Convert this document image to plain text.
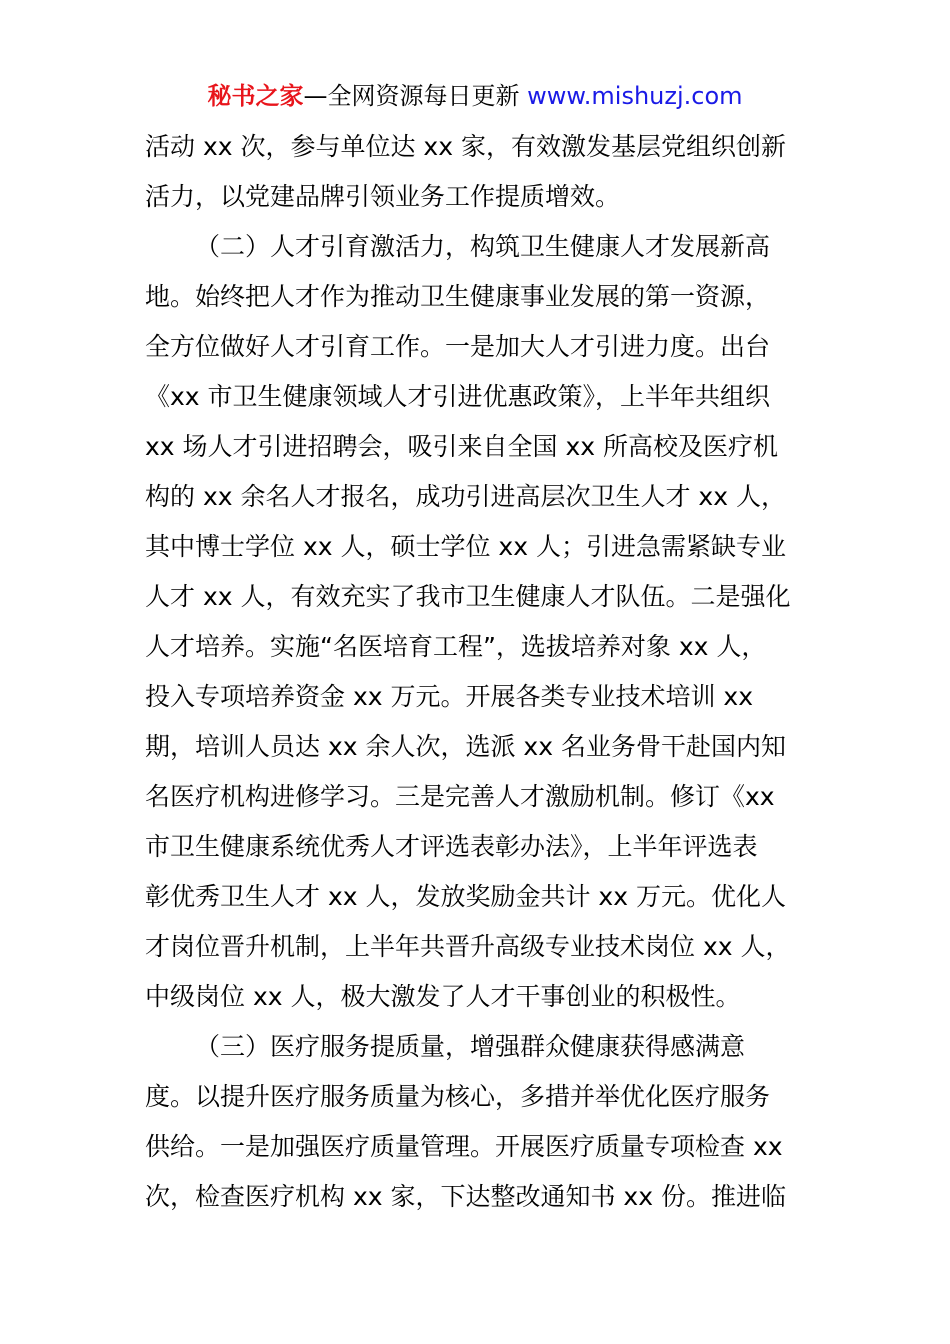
秘书之家—全网资源每日更新 www.mishuzj.com
活动 xx 次，参与单位达 xx 家，有效激发基层党组织创新
活力，以党建品牌引领业务工作提质增效。
（二）人才引育激活力，构筑卫生健康人才发展新高
地。始终把人才作为推动卫生健康事业发展的第一资源，
全方位做好人才引育工作。一是加大人才引进力度。出台
《xx 市卫生健康领域人才引进优惠政策》，上半年共组织
xx 场人才引进招聘会，吸引来自全国 xx 所高校及医疗机
构的 xx 余名人才报名，成功引进高层次卫生人才 xx 人，
其中博士学位 xx 人，硕士学位 xx 人；引进急需紧缺专业
人才 xx 人，有效充实了我市卫生健康人才队伍。二是强化
人才培养。实施“名医培育工程”，选拔培养对象 xx 人，
投入专项培养资金 xx 万元。开展各类专业技术培训 xx
期，培训人员达 xx 余人次，选派 xx 名业务骨干赴国内知
名医疗机构进修学习。三是完善人才激励机制。修订《xx
市卫生健康系统优秀人才评选表彰办法》，上半年评选表
彰优秀卫生人才 xx 人，发放奖励金共计 xx 万元。优化人
才岗位晋升机制，上半年共晋升高级专业技术岗位 xx 人，
中级岗位 xx 人，极大激发了人才干事创业的积极性。
（三）医疗服务提质量，增强群众健康获得感满意
度。以提升医疗服务质量为核心，多措并举优化医疗服务
供给。一是加强医疗质量管理。开展医疗质量专项检查 xx
次，检查医疗机构 xx 家，下达整改通知书 xx 份。推进临
